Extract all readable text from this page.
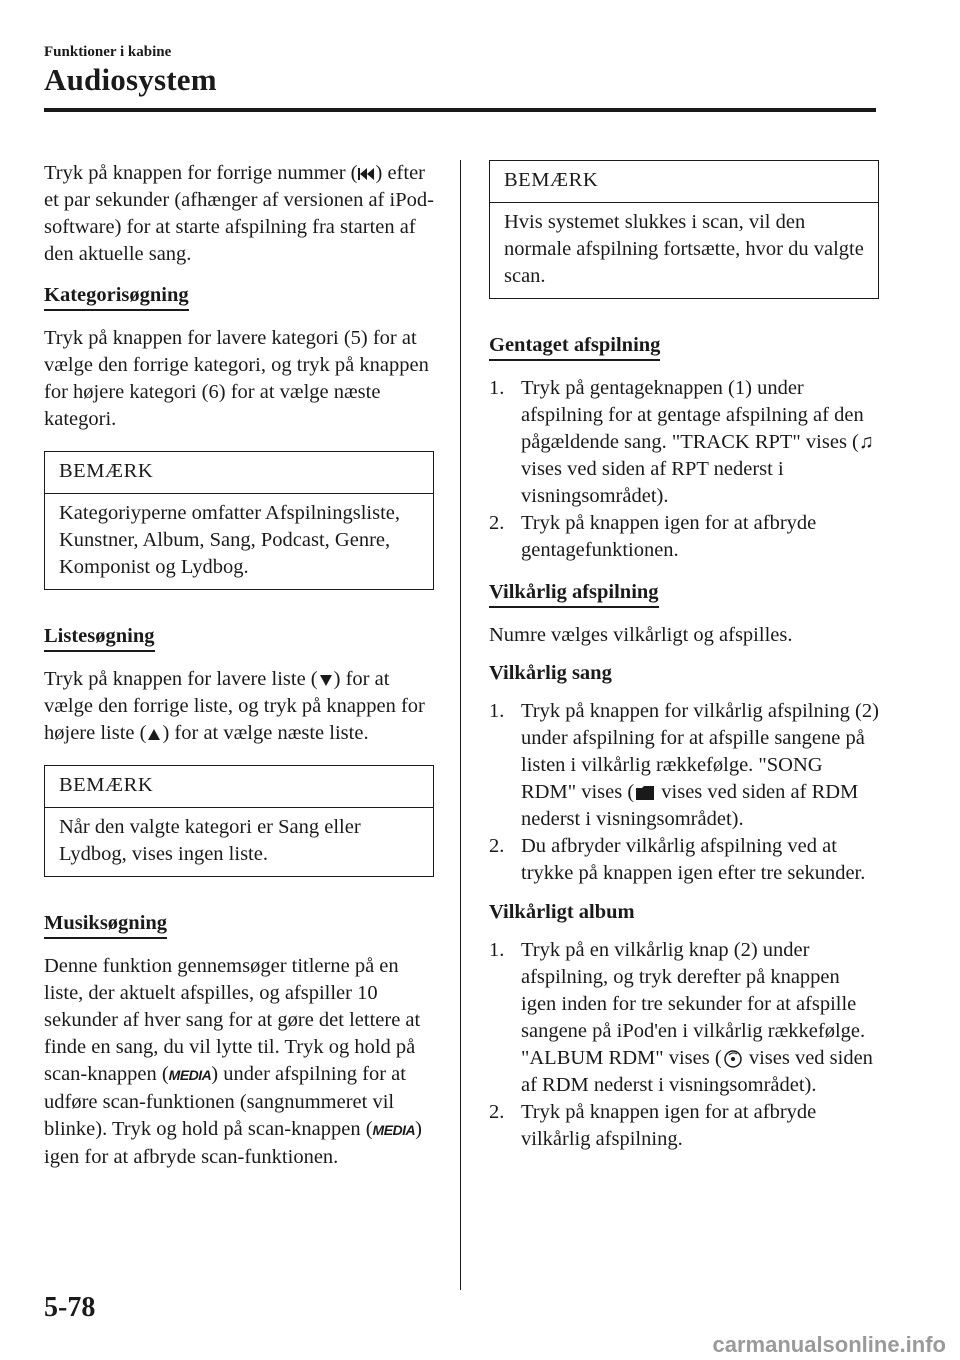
Funktioner i kabine
Audiosystem

Tryk på knappen for forrige nummer ( ) efter et par sekunder (afhænger af versionen af iPod-software) for at starte afspilning fra starten af den aktuelle sang.

Kategorisøgning

Tryk på knappen for lavere kategori (5) for at vælge den forrige kategori, og tryk på knappen for højere kategori (6) for at vælge næste kategori.

BEMÆRK
Kategoriyperne omfatter Afspilningsliste, Kunstner, Album, Sang, Podcast, Genre, Komponist og Lydbog.
Listesøgning

Tryk på knappen for lavere liste ( ) for at vælge den forrige liste, og tryk på knappen for højere liste ( ) for at vælge næste liste.

BEMÆRK
Når den valgte kategori er Sang eller Lydbog, vises ingen liste.
Musiksøgning

Denne funktion gennemsøger titlerne på en liste, der aktuelt afspilles, og afspiller 10 sekunder af hver sang for at gøre det lettere at finde en sang, du vil lytte til. Tryk og hold på scan-knappen (MEDIA) under afspilning for at udføre scan-funktionen (sangnummeret vil blinke). Tryk og hold på scan-knappen (MEDIA) igen for at afbryde scan-funktionen.

BEMÆRK
Hvis systemet slukkes i scan, vil den normale afspilning fortsætte, hvor du valgte scan.
Gentaget afspilning
1. Tryk på gentageknappen (1) under afspilning for at gentage afspilning af den pågældende sang. "TRACK RPT" vises (♫ vises ved siden af RPT nederst i visningsområdet).
2. Tryk på knappen igen for at afbryde gentagefunktionen.
Vilkårlig afspilning

Numre vælges vilkårligt og afspilles.

Vilkårlig sang
1. Tryk på knappen for vilkårlig afspilning (2) under afspilning for at afspille sangene på listen i vilkårlig rækkefølge. "SONG RDM" vises ( vises ved siden af RDM nederst i visningsområdet).
2. Du afbryder vilkårlig afspilning ved at trykke på knappen igen efter tre sekunder.
Vilkårligt album
1. Tryk på en vilkårlig knap (2) under afspilning, og tryk derefter på knappen igen inden for tre sekunder for at afspille sangene på iPod'en i vilkårlig rækkefølge. "ALBUM RDM" vises ( vises ved siden af RDM nederst i visningsområdet).
2. Tryk på knappen igen for at afbryde vilkårlig afspilning.
5-78
carmanualsonline.info
